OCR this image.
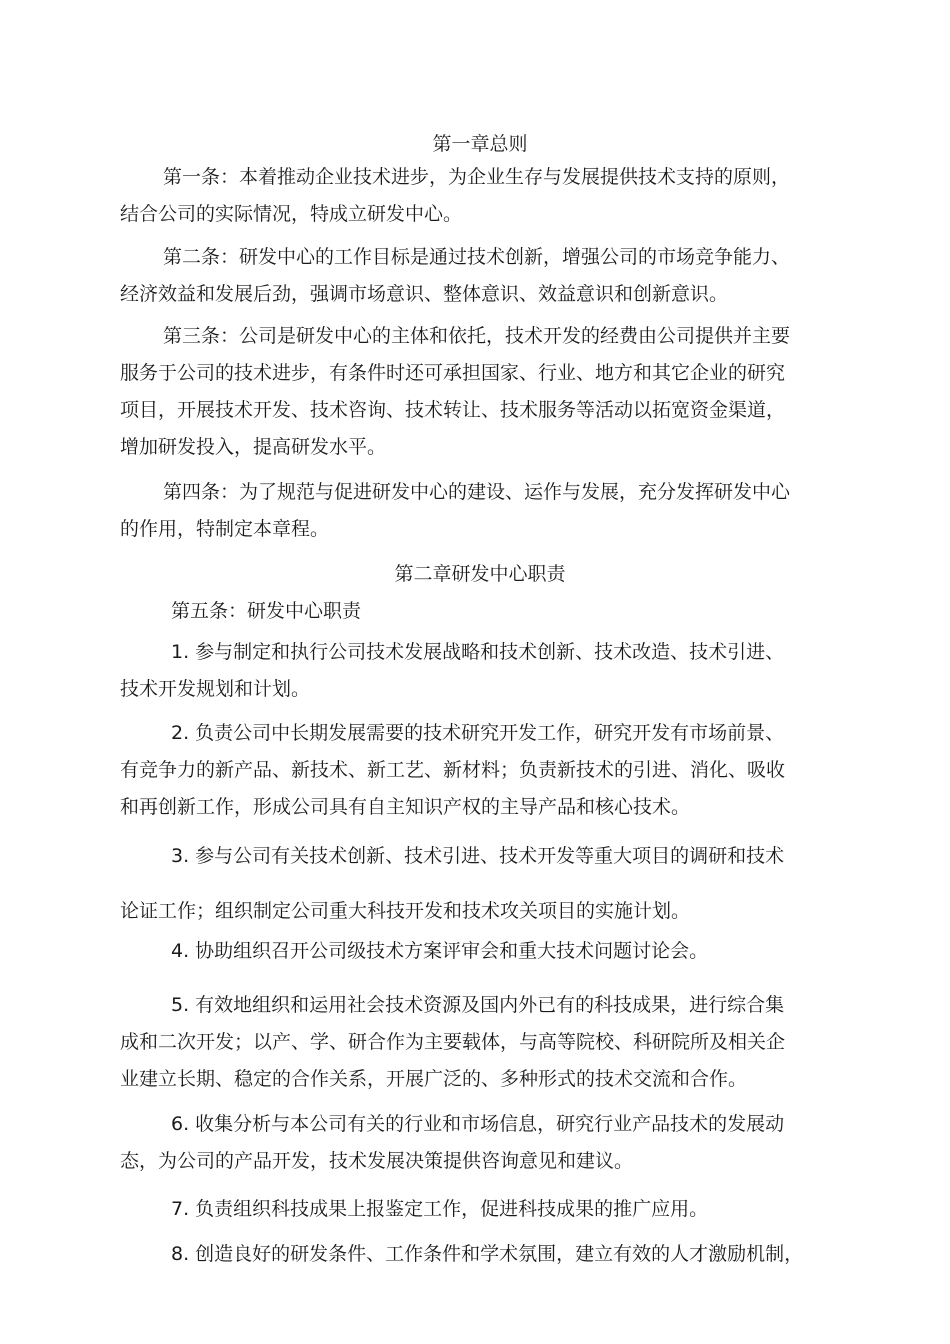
第一章总则
第一条：本着推动企业技术进步，为企业生存与发展提供技术支持的原则，
结合公司的实际情况，特成立研发中心。
第二条：研发中心的工作目标是通过技术创新，增强公司的市场竞争能力、
经济效益和发展后劲，强调市场意识、整体意识、效益意识和创新意识。
第三条：公司是研发中心的主体和依托，技术开发的经费由公司提供并主要
服务于公司的技术进步，有条件时还可承担国家、行业、地方和其它企业的研究
项目，开展技术开发、技术咨询、技术转让、技术服务等活动以拓宽资金渠道，
增加研发投入，提高研发水平。
第四条：为了规范与促进研发中心的建设、运作与发展，充分发挥研发中心
的作用，特制定本章程。
第二章研发中心职责
第五条：研发中心职责
1. 参与制定和执行公司技术发展战略和技术创新、技术改造、技术引进、
技术开发规划和计划。
2. 负责公司中长期发展需要的技术研究开发工作，研究开发有市场前景、
有竞争力的新产品、新技术、新工艺、新材料；负责新技术的引进、消化、吸收
和再创新工作，形成公司具有自主知识产权的主导产品和核心技术。
3. 参与公司有关技术创新、技术引进、技术开发等重大项目的调研和技术
论证工作；组织制定公司重大科技开发和技术攻关项目的实施计划。
4. 协助组织召开公司级技术方案评审会和重大技术问题讨论会。
5. 有效地组织和运用社会技术资源及国内外已有的科技成果，进行综合集
成和二次开发；以产、学、研合作为主要载体，与高等院校、科研院所及相关企
业建立长期、稳定的合作关系，开展广泛的、多种形式的技术交流和合作。
6. 收集分析与本公司有关的行业和市场信息，研究行业产品技术的发展动
态，为公司的产品开发，技术发展决策提供咨询意见和建议。
7. 负责组织科技成果上报鉴定工作，促进科技成果的推广应用。
8. 创造良好的研发条件、工作条件和学术氛围，建立有效的人才激励机制，
